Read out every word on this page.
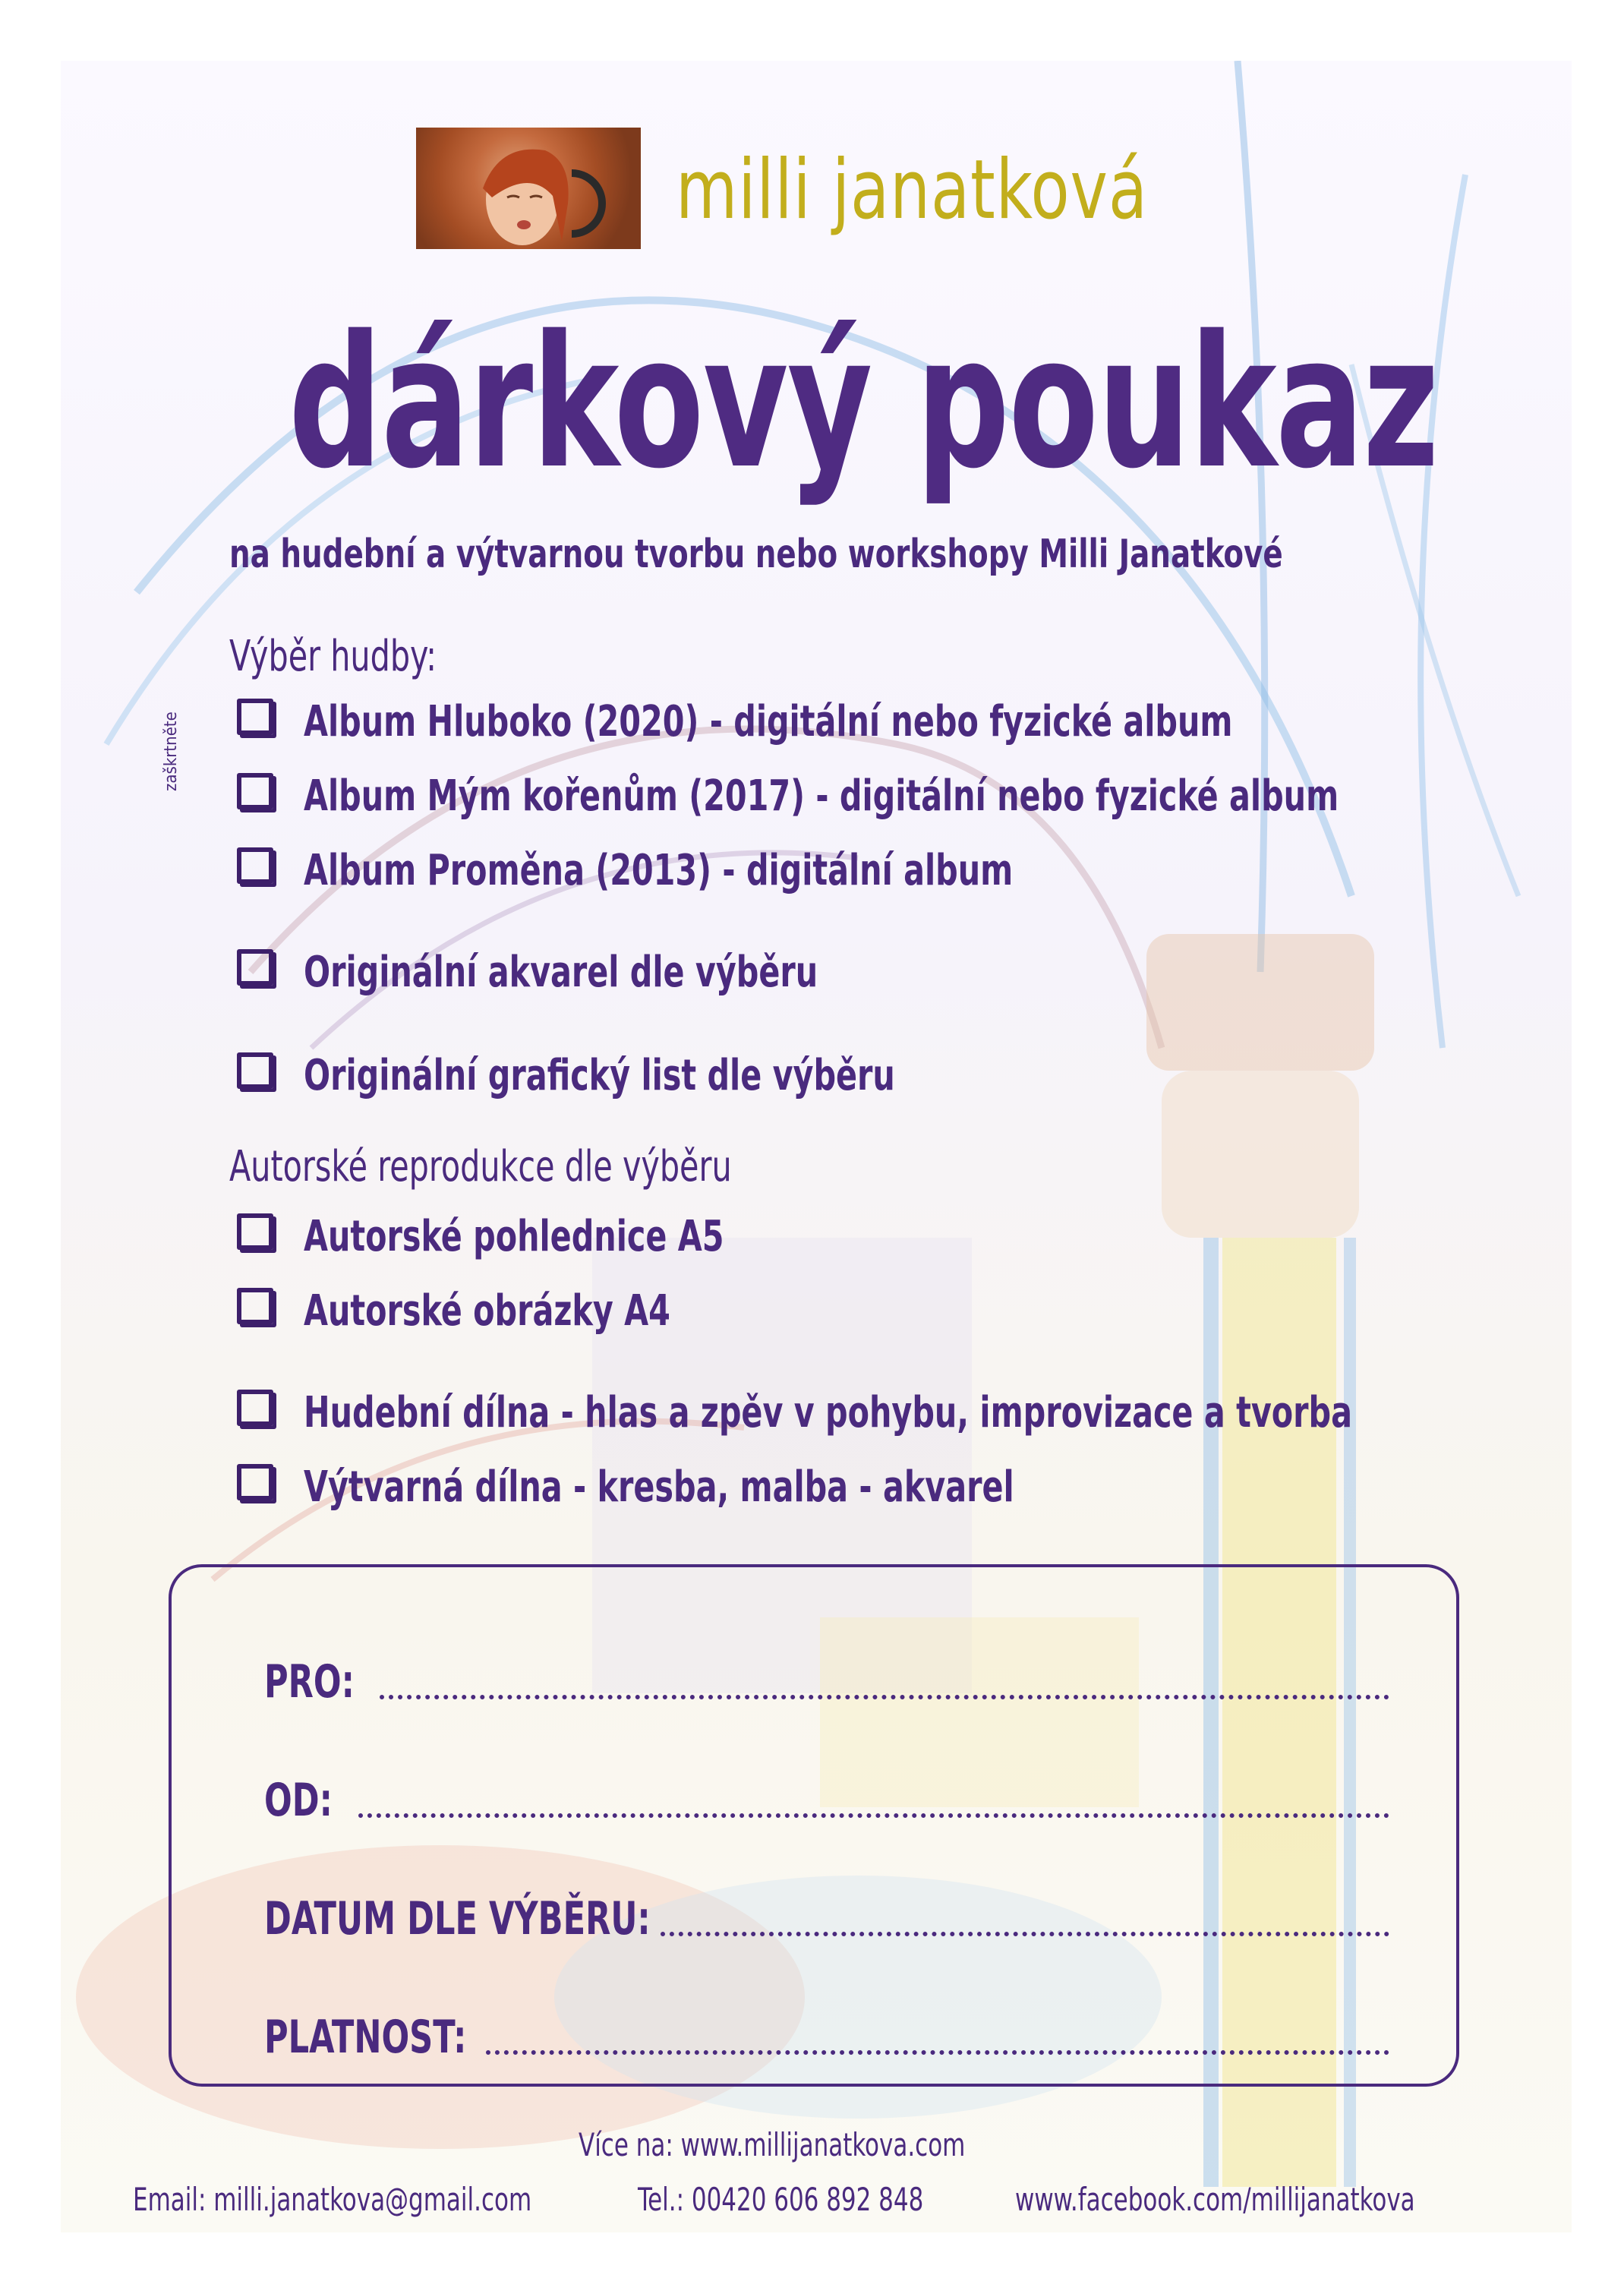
milli janatková
dárkový poukaz
na hudební a výtvarnou tvorbu nebo workshopy Milli Janatkové
zaškrtněte
Výběr hudby:
Album Hluboko (2020) - digitální nebo fyzické album
Album Mým kořenům (2017) - digitální nebo fyzické album
Album Proměna (2013) - digitální album
Originální akvarel dle výběru
Originální grafický list dle výběru
Autorské reprodukce dle výběru
Autorské pohlednice A5
Autorské obrázky A4
Hudební dílna - hlas a zpěv v pohybu, improvizace a tvorba
Výtvarná dílna - kresba, malba - akvarel
PRO:
OD:
DATUM DLE VÝBĚRU:
PLATNOST:
Více na: www.millijanatkova.com
Email: milli.janatkova@gmail.com	Tel.: 00420 606 892 848	www.facebook.com/millijanatkova
